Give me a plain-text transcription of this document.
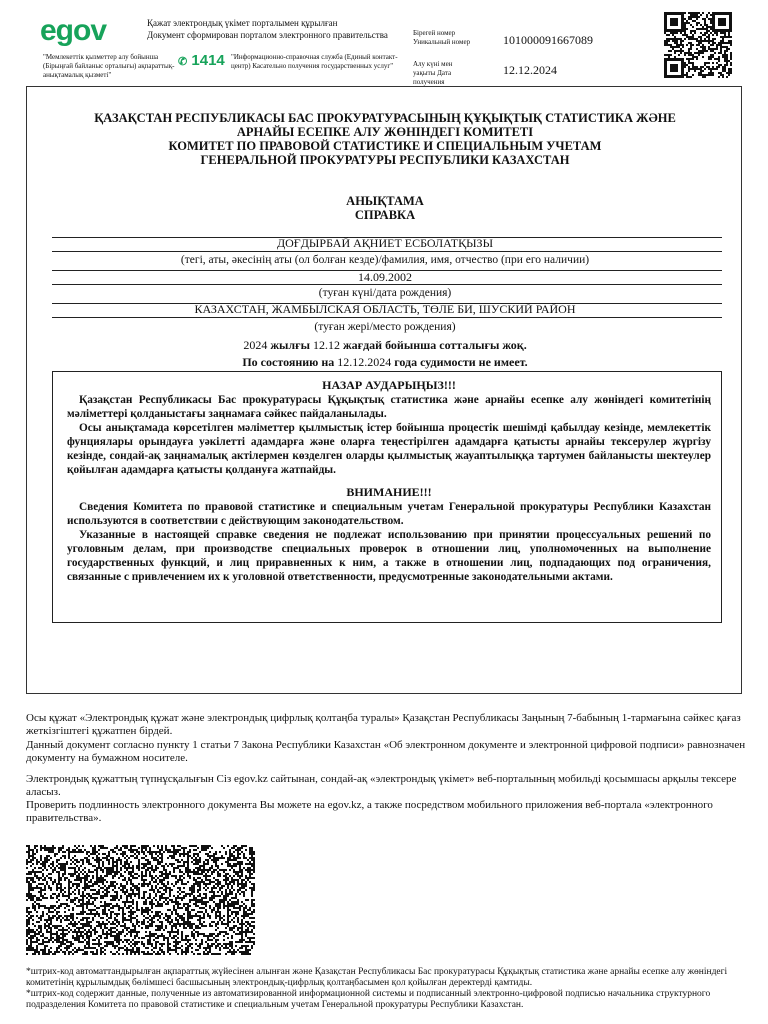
egov	Қажат электрондық үкімет порталымен құрылған
Документ сформирован порталом электронного правительства
"Мемлекеттік қызметтер алу бойынша (Бірыңғай байланыс орталығы) ақпараттық-анықтамалық қызметі"
✆ 1414 "Информационно-справочная служба (Единый контакт-центр) Касательно получения государственных услуг"
Бірегей номер
Уникальный номер	10100009166708​9
Алу күні мен
уақыты Дата
получения
12.12.2024
ҚАЗАҚСТАН РЕСПУБЛИКАСЫ БАС ПРОКУРАТУРАСЫНЫҢ ҚҰҚЫҚТЫҚ СТАТИСТИКА ЖӘНЕ
АРНАЙЫ ЕСЕПКЕ АЛУ ЖӨНІНДЕГІ КОМИТЕТІ
КОМИТЕТ ПО ПРАВОВОЙ СТАТИСТИКЕ И СПЕЦИАЛЬНЫМ УЧЕТАМ
ГЕНЕРАЛЬНОЙ ПРОКУРАТУРЫ РЕСПУБЛИКИ КАЗАХСТАН
АНЫҚТАМА
СПРАВКА
ДОҒДЫРБАЙ АҚНИЕТ ЕСБОЛАТҚЫЗЫ
(тегі, аты, әкесінің аты (ол болған кезде)/фамилия, имя, отчество (при его наличии)
14.09.2002
(туған күні/дата рождения)
КАЗАХСТАН, ЖАМБЫЛСКАЯ ОБЛАСТЬ, ТӨЛЕ БИ, ШУСКИЙ РАЙОН
(туған жері/место рождения)
2024 жылғы 12.12 жағдай бойынша сотталығы жоқ.
По состоянию на 12.12.2024 года судимости не имеет.
НАЗАР АУДАРЫҢЫЗ!!!

Қазақстан Республикасы Бас прокуратурасы Құқықтық статистика және арнайы есепке алу жөніндегі комитетінің мәліметтері қолданыстағы заңнамаға сәйкес пайдаланылады.

Осы анықтамада көрсетілген мәліметтер қылмыстық істер бойынша процестік шешімді қабылдау кезінде, мемлекеттік фунциялары орындауға уәкілетті адамдарға және оларға теңестірілген адамдарға қатысты арнайы тексерулер жүргізу кезінде, сондай-ақ заңнамалық актілермен көзделген оларды қылмыстық жауаптылыққа тартумен байланысты шектеулер қойылған адамдарға қатысты қолдануға жатпайды.

ВНИМАНИЕ!!!

Сведения Комитета по правовой статистике и специальным учетам Генеральной прокуратуры Республики Казахстан используются в соответствии с действующим законодательством.

Указанные в настоящей справке сведения не подлежат использованию при принятии процессуальных решений по уголовным делам, при производстве специальных проверок в отношении лиц, уполномоченных на выполнение государственных функций, и лиц приравненных к ним, а также в отношении лиц, подпадающих под ограничения, связанные с привлечением их к уголовной ответственности, предусмотренные законодательными актами.

Осы құжат «Электрондық құжат және электрондық цифрлық қолтаңба туралы» Қазақстан Республикасы Заңының 7-бабының 1-тармағына сәйкес қағаз жеткізгіштегі құжатпен бірдей.
Данный документ согласно пункту 1 статьи 7 Закона Республики Казахстан «Об электронном документе и электронной цифровой подписи» равнозначен документу на бумажном носителе.
Электрондық құжаттың түпнұсқалығын Сіз egov.kz сайтынан, сондай-ақ «электрондық үкімет» веб-порталының мобильді қосымшасы арқылы тексере аласыз.
Проверить подлинность электронного документа Вы можете на egov.kz, а также посредством мобильного приложения веб-портала «электронного правительства».
*штрих-код автоматтандырылған ақпараттық жүйесінен алынған және Қазақстан Республикасы Бас прокуратурасы Құқықтық статистика және арнайы есепке алу жөніндегі комитетінің құрылымдық бөлімшесі басшысының электрондық-цифрлық қолтаңбасымен қол қойылған деректерді қамтиды.
*штрих-код содержит данные, полученные из автоматизированной информационной системы и подписанный электронно-цифровой подписью начальника структурного подразделения Комитета по правовой статистике и специальным учетам Генеральной прокуратуры Республики Казахстан.
